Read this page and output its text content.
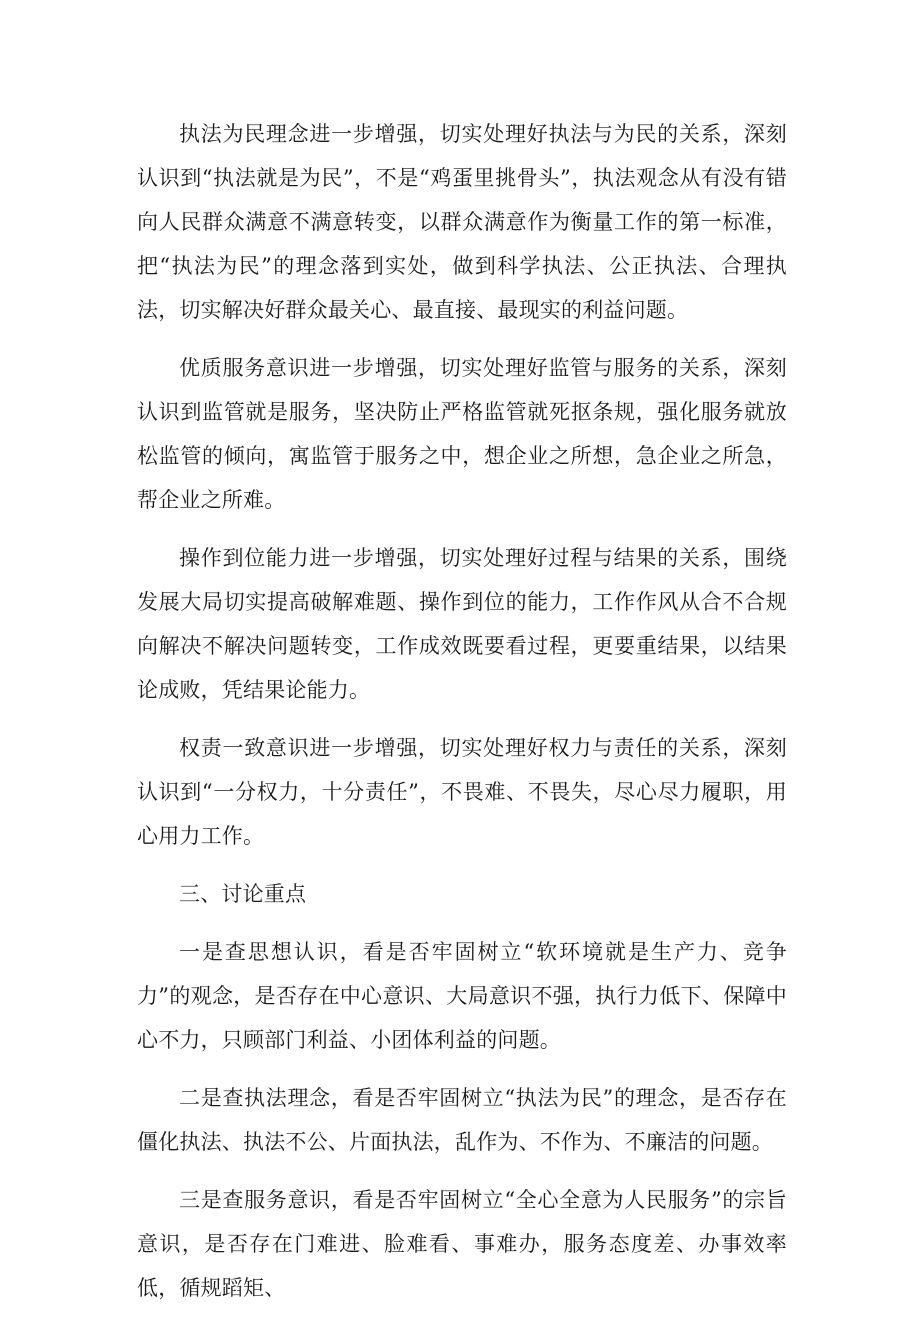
执法为民理念进一步增强，切实处理好执法与为民的关系，深刻认识到“执法就是为民”，不是“鸡蛋里挑骨头”，执法观念从有没有错向人民群众满意不满意转变，以群众满意作为衡量工作的第一标准，把“执法为民”的理念落到实处，做到科学执法、公正执法、合理执法，切实解决好群众最关心、最直接、最现实的利益问题。

优质服务意识进一步增强，切实处理好监管与服务的关系，深刻认识到监管就是服务，坚决防止严格监管就死抠条规，强化服务就放松监管的倾向，寓监管于服务之中，想企业之所想，急企业之所急，帮企业之所难。

操作到位能力进一步增强，切实处理好过程与结果的关系，围绕发展大局切实提高破解难题、操作到位的能力，工作作风从合不合规向解决不解决问题转变，工作成效既要看过程，更要重结果，以结果论成败，凭结果论能力。

权责一致意识进一步增强，切实处理好权力与责任的关系，深刻认识到“一分权力，十分责任”，不畏难、不畏失，尽心尽力履职，用心用力工作。

三、讨论重点

一是查思想认识，看是否牢固树立“软环境就是生产力、竞争力”的观念，是否存在中心意识、大局意识不强，执行力低下、保障中心不力，只顾部门利益、小团体利益的问题。

二是查执法理念，看是否牢固树立“执法为民”的理念，是否存在僵化执法、执法不公、片面执法，乱作为、不作为、不廉洁的问题。

三是查服务意识，看是否牢固树立“全心全意为人民服务”的宗旨意识，是否存在门难进、脸难看、事难办，服务态度差、办事效率低，循规蹈矩、
